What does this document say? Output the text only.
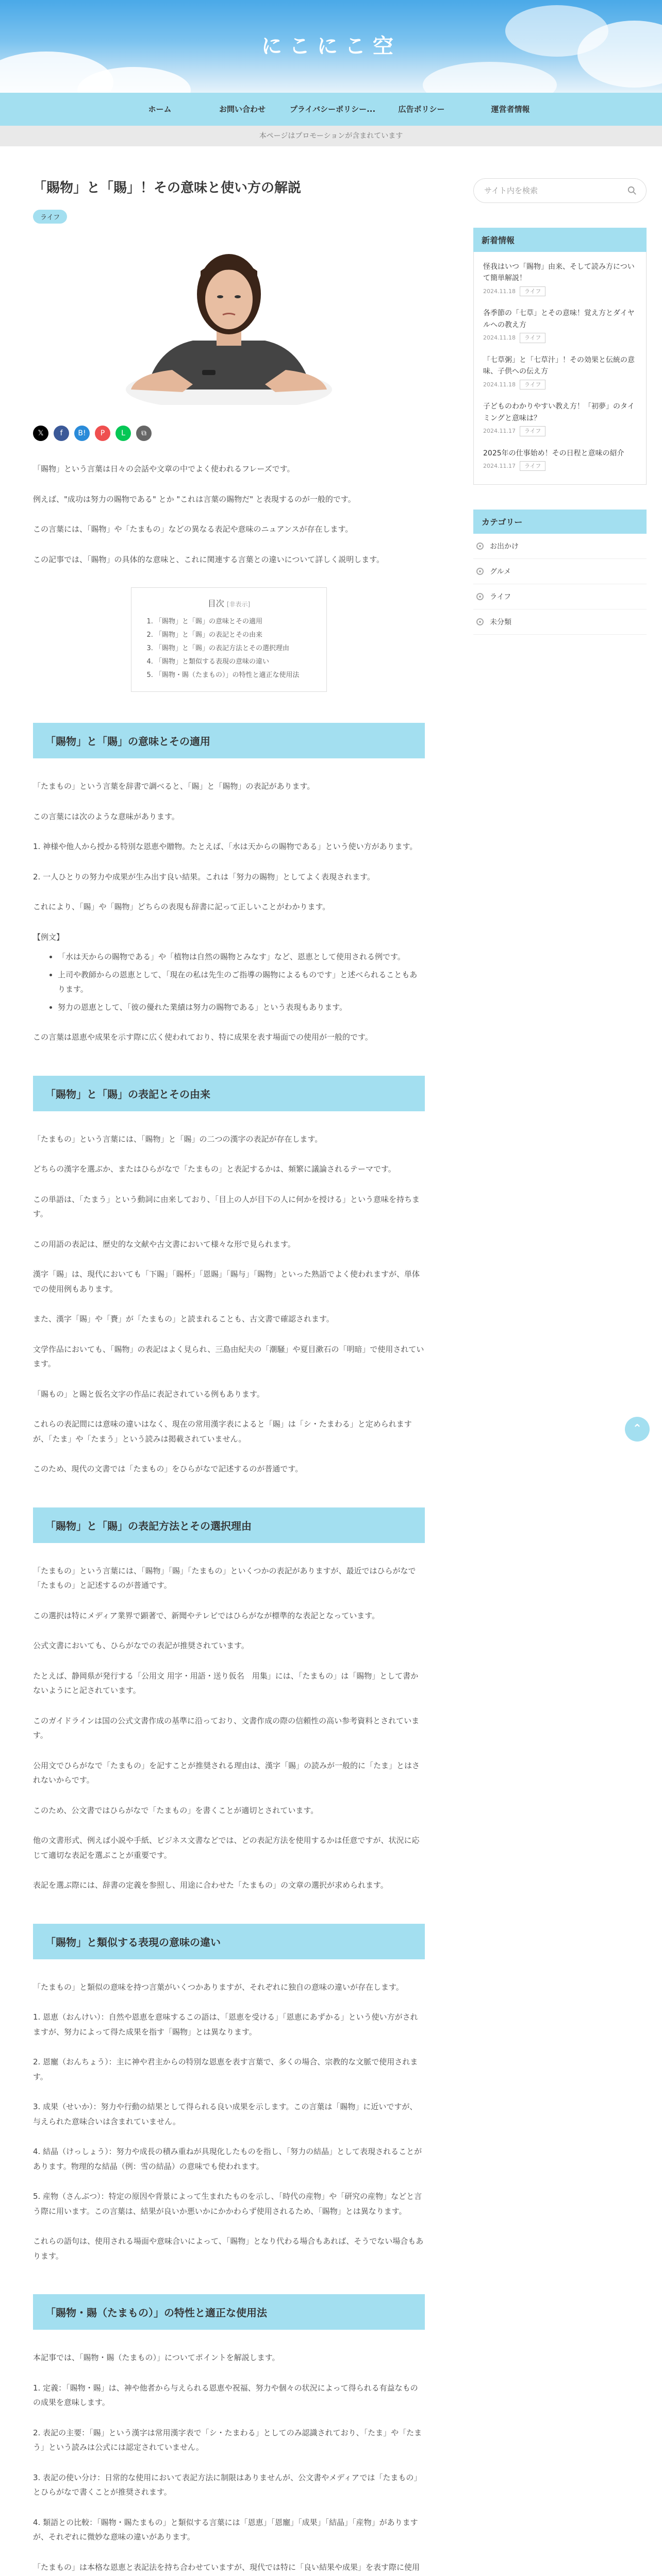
にこにこ空
ホーム	お問い合わせ	プライバシーポリシー...	広告ポリシー	運営者情報
本ページはプロモーションが含まれています
「賜物」と「賜」！その意味と使い方の解説
ライフ
𝕏	f	B!	P	L	⧉

「賜物」という言葉は日々の会話や文章の中でよく使われるフレーズです。

例えば、"成功は努力の賜物である" とか "これは言葉の賜物だ" と表現するのが一般的です。

この言葉には、「賜物」や「たまもの」などの異なる表記や意味のニュアンスが存在します。

この記事では、「賜物」の具体的な意味と、これに関連する言葉との違いについて詳しく説明します。

目次 [非表示]
1. 「賜物」と「賜」の意味とその適用
2. 「賜物」と「賜」の表記とその由来
3. 「賜物」と「賜」の表記方法とその選択理由
4. 「賜物」と類似する表現の意味の違い
5. 「賜物・賜（たまもの）」の特性と適正な使用法
「賜物」と「賜」の意味とその適用

「たまもの」という言葉を辞書で調べると、「賜」と「賜物」の表記があります。

この言葉には次のような意味があります。

1. 神様や他人から授かる特別な恩恵や贈物。たとえば、「水は天からの賜物である」という使い方があります。

2. 一人ひとりの努力や成果が生み出す良い結果。これは「努力の賜物」としてよく表現されます。

これにより、「賜」や「賜物」どちらの表現も辞書に記って正しいことがわかります。

【例文】

• 「水は天からの賜物である」や「植物は自然の賜物とみなす」など、恩恵として使用される例です。
• 上司や教師からの恩恵として、「現在の私は先生のご指導の賜物によるものです」と述べられることもあります。
• 努力の恩恵として、「彼の優れた業績は努力の賜物である」という表現もあります。

この言葉は恩恵や成果を示す際に広く使われており、特に成果を表す場面での使用が一般的です。

「賜物」と「賜」の表記とその由来

「たまもの」という言葉には、「賜物」と「賜」の二つの漢字の表記が存在します。

どちらの漢字を選ぶか、またはひらがなで「たまもの」と表記するかは、頻繁に議論されるテーマです。

この単語は、「たまう」という動詞に由来しており、「目上の人が目下の人に何かを授ける」という意味を持ちます。

この用語の表記は、歴史的な文献や古文書において様々な形で見られます。

漢字「賜」は、現代においても「下賜」「賜杯」「恩賜」「賜与」「賜物」といった熟語でよく使われますが、単体での使用例もあります。

また、漢字「賜」や「賚」が「たまもの」と読まれることも、古文書で確認されます。

文学作品においても、「賜物」の表記はよく見られ、三島由紀夫の「潮騒」や夏目漱石の「明暗」で使用されています。

「賜もの」と賜と仮名文字の作品に表記されている例もあります。

これらの表記間には意味の違いはなく、現在の常用漢字表によると「賜」は「シ・たまわる」と定められますが、「たま」や「たまう」という読みは掲載されていません。

このため、現代の文書では「たまもの」をひらがなで記述するのが普通です。

「賜物」と「賜」の表記方法とその選択理由

「たまもの」という言葉には、「賜物」「賜」「たまもの」といくつかの表記がありますが、最近ではひらがなで「たまもの」と記述するのが普通です。

この選択は特にメディア業界で顕著で、新聞やテレビではひらがなが標準的な表記となっています。

公式文書においても、ひらがなでの表記が推奨されています。

たとえば、静岡県が発行する「公用文 用字・用語・送り仮名　用集」には、「たまもの」は「賜物」として書かないようにと記されています。

このガイドラインは国の公式文書作成の基準に沿っており、文書作成の際の信頼性の高い参考資料とされています。

公用文でひらがなで「たまもの」を記すことが推奨される理由は、漢字「賜」の読みが一般的に「たま」とはされないからです。

このため、公文書ではひらがなで「たまもの」を書くことが適切とされています。

他の文書形式、例えば小説や手紙、ビジネス文書などでは、どの表記方法を使用するかは任意ですが、状況に応じて適切な表記を選ぶことが重要です。

表記を選ぶ際には、辞書の定義を参照し、用途に合わせた「たまもの」の文章の選択が求められます。

「賜物」と類似する表現の意味の違い

「たまもの」と類似の意味を持つ言葉がいくつかありますが、それぞれに独自の意味の違いが存在します。

1. 恩恵（おんけい）：自然や恩恵を意味するこの語は、「恩恵を受ける」「恩恵にあずかる」という使い方がされますが、努力によって得た成果を指す「賜物」とは異なります。

2. 恩寵（おんちょう）：主に神や君主からの特別な恩恵を表す言葉で、多くの場合、宗教的な文脈で使用されます。

3. 成果（せいか）：努力や行動の結果として得られる良い成果を示します。この言葉は「賜物」に近いですが、与えられた意味合いは含まれていません。

4. 結晶（けっしょう）：努力や成長の積み重ねが具現化したものを指し、「努力の結晶」として表現されることがあります。物理的な結晶（例：雪の結晶）の意味でも使われます。

5. 産物（さんぶつ）：特定の原因や背景によって生まれたものを示し、「時代の産物」や「研究の産物」などと言う際に用います。この言葉は、結果が良いか悪いかにかかわらず使用されるため、「賜物」とは異なります。

これらの語句は、使用される場面や意味合いによって、「賜物」となり代わる場合もあれば、そうでない場合もあります。

「賜物・賜（たまもの）」の特性と適正な使用法

本記事では、「賜物・賜（たまもの）」についてポイントを解説します。

1. 定義：「賜物・賜」は、神や他者から与えられる恩恵や祝福、努力や個々の状況によって得られる有益なものの成果を意味します。

2. 表記の主要：「賜」という漢字は常用漢字表で「シ・たまわる」としてのみ認識されており、「たま」や「たまう」という読みは公式には認定されていません。

3. 表記の使い分け：日常的な使用において表記方法に制限はありませんが、公文書やメディアでは「たまもの」とひらがなで書くことが推奨されます。

4. 類語との比較：「賜物・賜たまもの」と類似する言葉には「恩恵」「恩寵」「成果」「結晶」「産物」がありますが、それぞれに微妙な意味の違いがあります。

「たまもの」は本格な恩恵と表記法を持ち合わせていますが、現代では特に「良い結果や成果」を表す際に使用

サイト内を検索
新着情報
怪我はいつ「賜物」由来、そして読み方について簡単解説！
2024.11.18 ライフ
各季節の「七草」とその意味！覚え方とダイヤルへの教え方
2024.11.18 ライフ
「七草粥」と「七草汁」！その効果と伝統の意味、子供への伝え方
2024.11.18 ライフ
子どものわかりやすい教え方！「初夢」のタイミングと意味は？
2024.11.17 ライフ
2025年の仕事始め！その日程と意味の紹介
2024.11.17 ライフ
カテゴリー
お出かけ
グルメ
ライフ
未分類
⌃
